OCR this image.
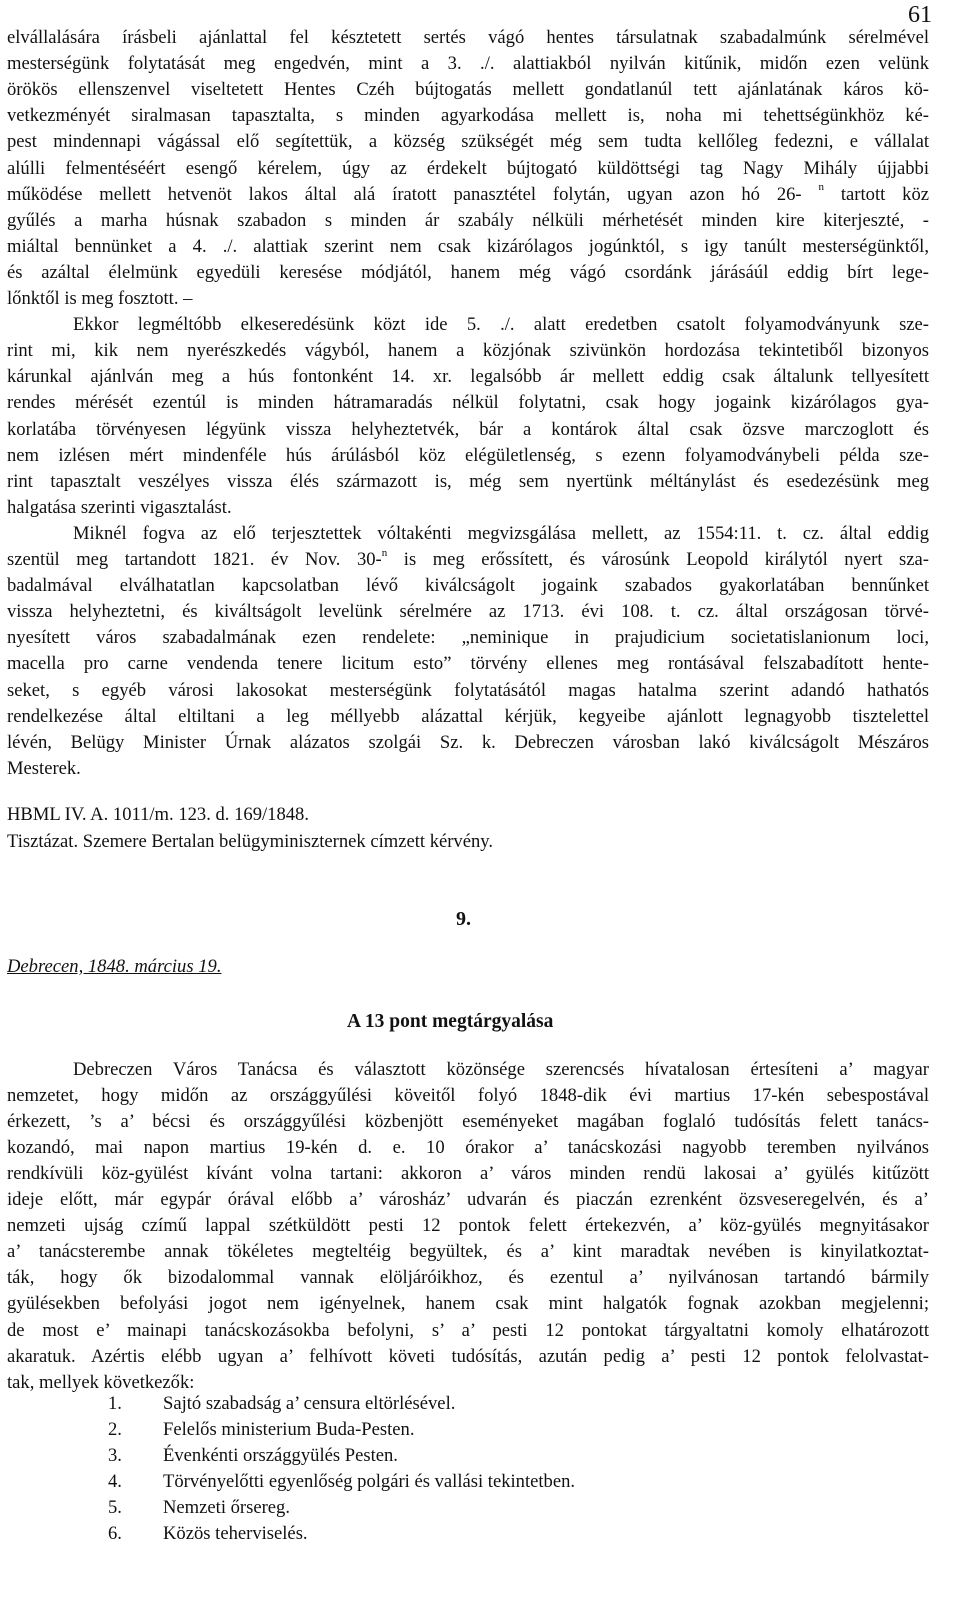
61
elvállalására írásbeli ajánlattal fel késztetett sertés vágó hentes társulatnak szabadalmúnk sérelmével
mesterségünk folytatását meg engedvén, mint a 3. ./. alattiakból nyilván kitűnik, midőn ezen velünk
örökös ellenszenvel viseltetett Hentes Czéh bújtogatás mellett gondatlanúl tett ajánlatának káros kö-
vetkezményét siralmasan tapasztalta, s minden agyarkodása mellett is, noha mi tehettségünkhöz ké-
pest mindennapi vágással elő segítettük, a község szükségét még sem tudta kellőleg fedezni, e vállalat
alúlli felmentéséért esengő kérelem, úgy az érdekelt bújtogató küldöttségi tag Nagy Mihály újjabbi
működése mellett hetvenöt lakos által alá íratott panasztétel folytán, ugyan azon hó 26- $^n$ tartott köz
gyűlés a marha húsnak szabadon s minden ár szabály nélküli mérhetését minden kire kiterjeszté, -
miáltal bennünket a 4. ./. alattiak szerint nem csak kizárólagos jogúnktól, s igy tanúlt mesterségünktől,
és azáltal élelmünk egyedüli keresése módjától, hanem még vágó csordánk járásáúl eddig bírt lege-
lőnktől is meg fosztott. –
Ekkor legméltóbb elkeseredésünk közt ide 5. ./. alatt eredetben csatolt folyamodványunk sze-
rint mi, kik nem nyerészkedés vágyból, hanem a közjónak szivünkön hordozása tekintetiből bizonyos
kárunkal ajánlván meg a hús fontonként 14. xr. legalsóbb ár mellett eddig csak általunk tellyesített
rendes mérését ezentúl is minden hátramaradás nélkül folytatni, csak hogy jogaink kizárólagos gya-
korlatába törvényesen légyünk vissza helyheztetvék, bár a kontárok által csak özsve marczoglott és
nem izlésen mért mindenféle hús árúlásból köz elégületlenség, s ezenn folyamodványbeli példa sze-
rint tapasztalt veszélyes vissza élés származott is, még sem nyertünk méltánylást és esedezésünk meg
halgatása szerinti vigasztalást.
Miknél fogva az elő terjesztettek vóltakénti megvizsgálása mellett, az 1554:11. t. cz. által eddig
szentül meg tartandott 1821. év Nov. 30-$^n$ is meg erőssített, és városúnk Leopold királytól nyert sza-
badalmával elválhatatlan kapcsolatban lévő kiválcságolt jogaink szabados gyakorlatában bennűnket
vissza helyheztetni, és kiváltságolt levelünk sérelmére az 1713. évi 108. t. cz. által országosan törvé-
nyesített város szabadalmának ezen rendelete: „neminique in prajudicium societatislanionum loci,
macella pro carne vendenda tenere licitum esto” törvény ellenes meg rontásával felszabadított hente-
seket, s egyéb városi lakosokat mesterségünk folytatásától magas hatalma szerint adandó hathatós
rendelkezése által eltiltani a leg méllyebb alázattal kérjük, kegyeibe ajánlott legnagyobb tisztelettel
lévén, Belügy Minister Úrnak alázatos szolgái Sz. k. Debreczen városban lakó kiválcságolt Mészáros
Mesterek.
HBML IV. A. 1011/m. 123. d. 169/1848.
Tisztázat. Szemere Bertalan belügyminiszternek címzett kérvény.
9.
Debrecen, 1848. március 19.
A 13 pont megtárgyalása
Debreczen Város Tanácsa és választott közönsége szerencsés hívatalosan értesíteni a’ magyar
nemzetet, hogy midőn az országgyűlési köveitől folyó 1848-dik évi martius 17-kén sebespostával
érkezett, ’s a’ bécsi és országgyűlési közbenjött eseményeket magában foglaló tudósítás felett tanács-
kozandó, mai napon martius 19-kén d. e. 10 órakor a’ tanácskozási nagyobb teremben nyilvános
rendkívüli köz-gyülést kívánt volna tartani: akkoron a’ város minden rendü lakosai a’ gyülés kitűzött
ideje előtt, már egypár órával előbb a’ városház’ udvarán és piaczán ezrenként özsveseregelvén, és a’
nemzeti ujság czímű lappal szétküldött pesti 12 pontok felett értekezvén, a’ köz-gyülés megnyitásakor
a’ tanácsterembe annak tökéletes megteltéig begyültek, és a’ kint maradtak nevében is kinyilatkoztat-
ták, hogy ők bizodalommal vannak elöljáróikhoz, és ezentul a’ nyilvánosan tartandó bármily
gyülésekben befolyási jogot nem igényelnek, hanem csak mint halgatók fognak azokban megjelenni;
de most e’ mainapi tanácskozásokba befolyni, s’ a’ pesti 12 pontokat tárgyaltatni komoly elhatározott
akaratuk. Azértis elébb ugyan a’ felhívott követi tudósítás, azután pedig a’ pesti 12 pontok felolvastat-
tak, mellyek következők:
1. Sajtó szabadság a’ censura eltörlésével.
2. Felelős ministerium Buda-Pesten.
3. Évenkénti országgyülés Pesten.
4. Törvényelőtti egyenlőség polgári és vallási tekintetben.
5. Nemzeti őrsereg.
6. Közös teherviselés.
